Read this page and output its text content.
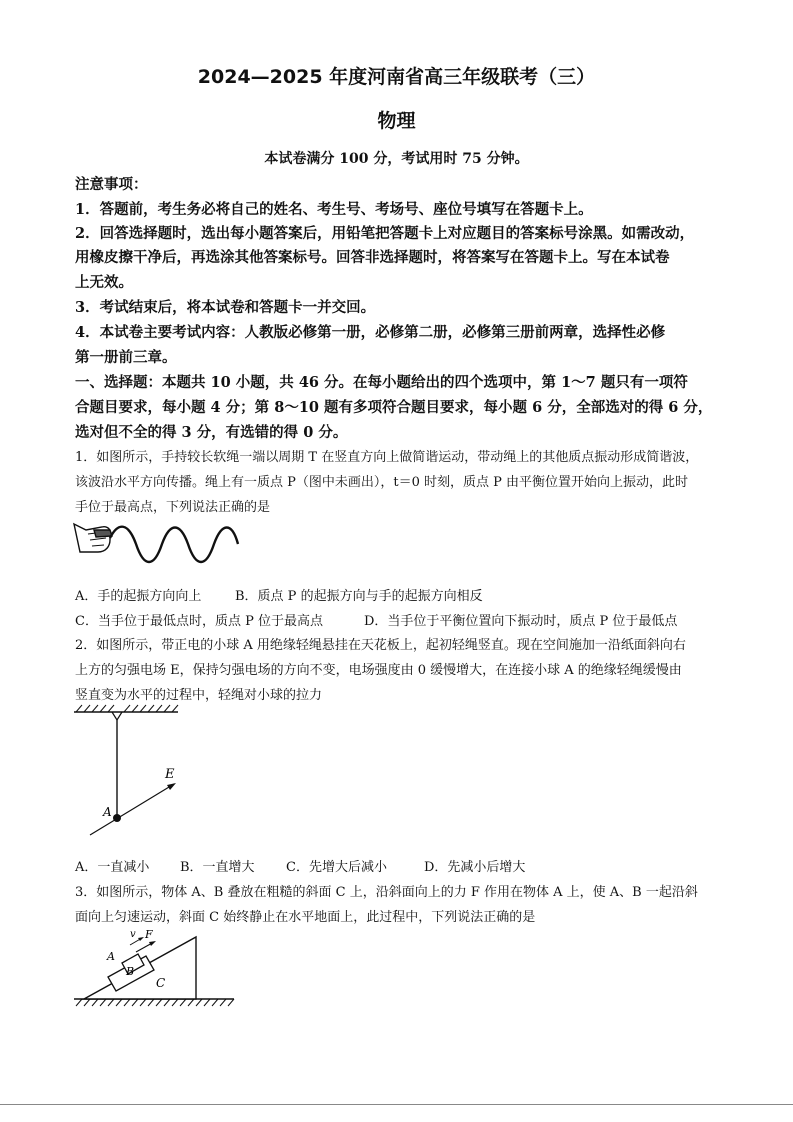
2024—2025 年度河南省高三年级联考（三）
物理
本试卷满分 100 分，考试用时 75 分钟。
注意事项：
1．答题前，考生务必将自己的姓名、考生号、考场号、座位号填写在答题卡上。
2．回答选择题时，选出每小题答案后，用铅笔把答题卡上对应题目的答案标号涂黑。如需改动，
用橡皮擦干净后，再选涂其他答案标号。回答非选择题时，将答案写在答题卡上。写在本试卷
上无效。
3．考试结束后，将本试卷和答题卡一并交回。
4．本试卷主要考试内容：人教版必修第一册，必修第二册，必修第三册前两章，选择性必修
第一册前三章。
一、选择题：本题共 10 小题，共 46 分。在每小题给出的四个选项中，第 1～7 题只有一项符
合题目要求，每小题 4 分；第 8～10 题有多项符合题目要求，每小题 6 分，全部选对的得 6 分，
选对但不全的得 3 分，有选错的得 0 分。
1．如图所示，手持较长软绳一端以周期 T 在竖直方向上做简谐运动，带动绳上的其他质点振动形成简谐波，
该波沿水平方向传播。绳上有一质点 P（图中未画出），t＝0 时刻，质点 P 由平衡位置开始向上振动，此时
手位于最高点，下列说法正确的是
A．手的起振方向向上	B．质点 P 的起振方向与手的起振方向相反
C．当手位于最低点时，质点 P 位于最高点	D．当手位于平衡位置向下振动时，质点 P 位于最低点
2．如图所示，带正电的小球 A 用绝缘轻绳悬挂在天花板上，起初轻绳竖直。现在空间施加一沿纸面斜向右
上方的匀强电场 E，保持匀强电场的方向不变，电场强度由 0 缓慢增大，在连接小球 A 的绝缘轻绳缓慢由
竖直变为水平的过程中，轻绳对小球的拉力
E
A
A．一直减小 B．一直增大 C．先增大后减小	D．先减小后增大
3．如图所示，物体 A、B 叠放在粗糙的斜面 C 上，沿斜面向上的力 F 作用在物体 A 上，使 A、B 一起沿斜
面向上匀速运动，斜面 C 始终静止在水平地面上，此过程中，下列说法正确的是
v F
A
B
C
